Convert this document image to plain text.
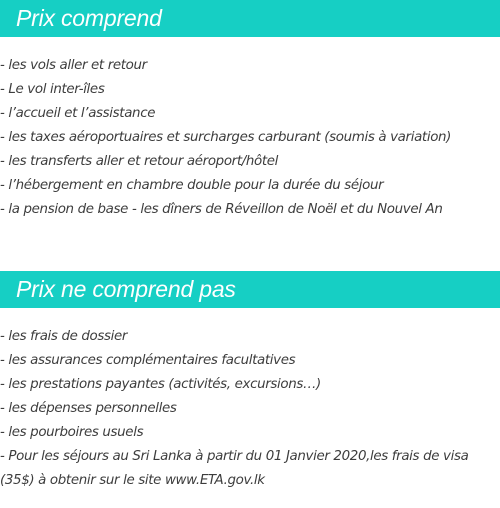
Prix comprend
- les vols aller et retour
- Le vol inter-îles
- l’accueil et l’assistance
- les taxes aéroportuaires et surcharges carburant (soumis à variation)
- les transferts aller et retour aéroport/hôtel
- l’hébergement en chambre double pour la durée du séjour
- la pension de base - les dîners de Réveillon de Noël et du Nouvel An
Prix ne comprend pas
- les frais de dossier
- les assurances complémentaires facultatives
- les prestations payantes (activités, excursions…)
- les dépenses personnelles
- les pourboires usuels
- Pour les séjours au Sri Lanka à partir du 01 Janvier 2020,les frais de visa (35$) à obtenir sur le site www.ETA.gov.lk
